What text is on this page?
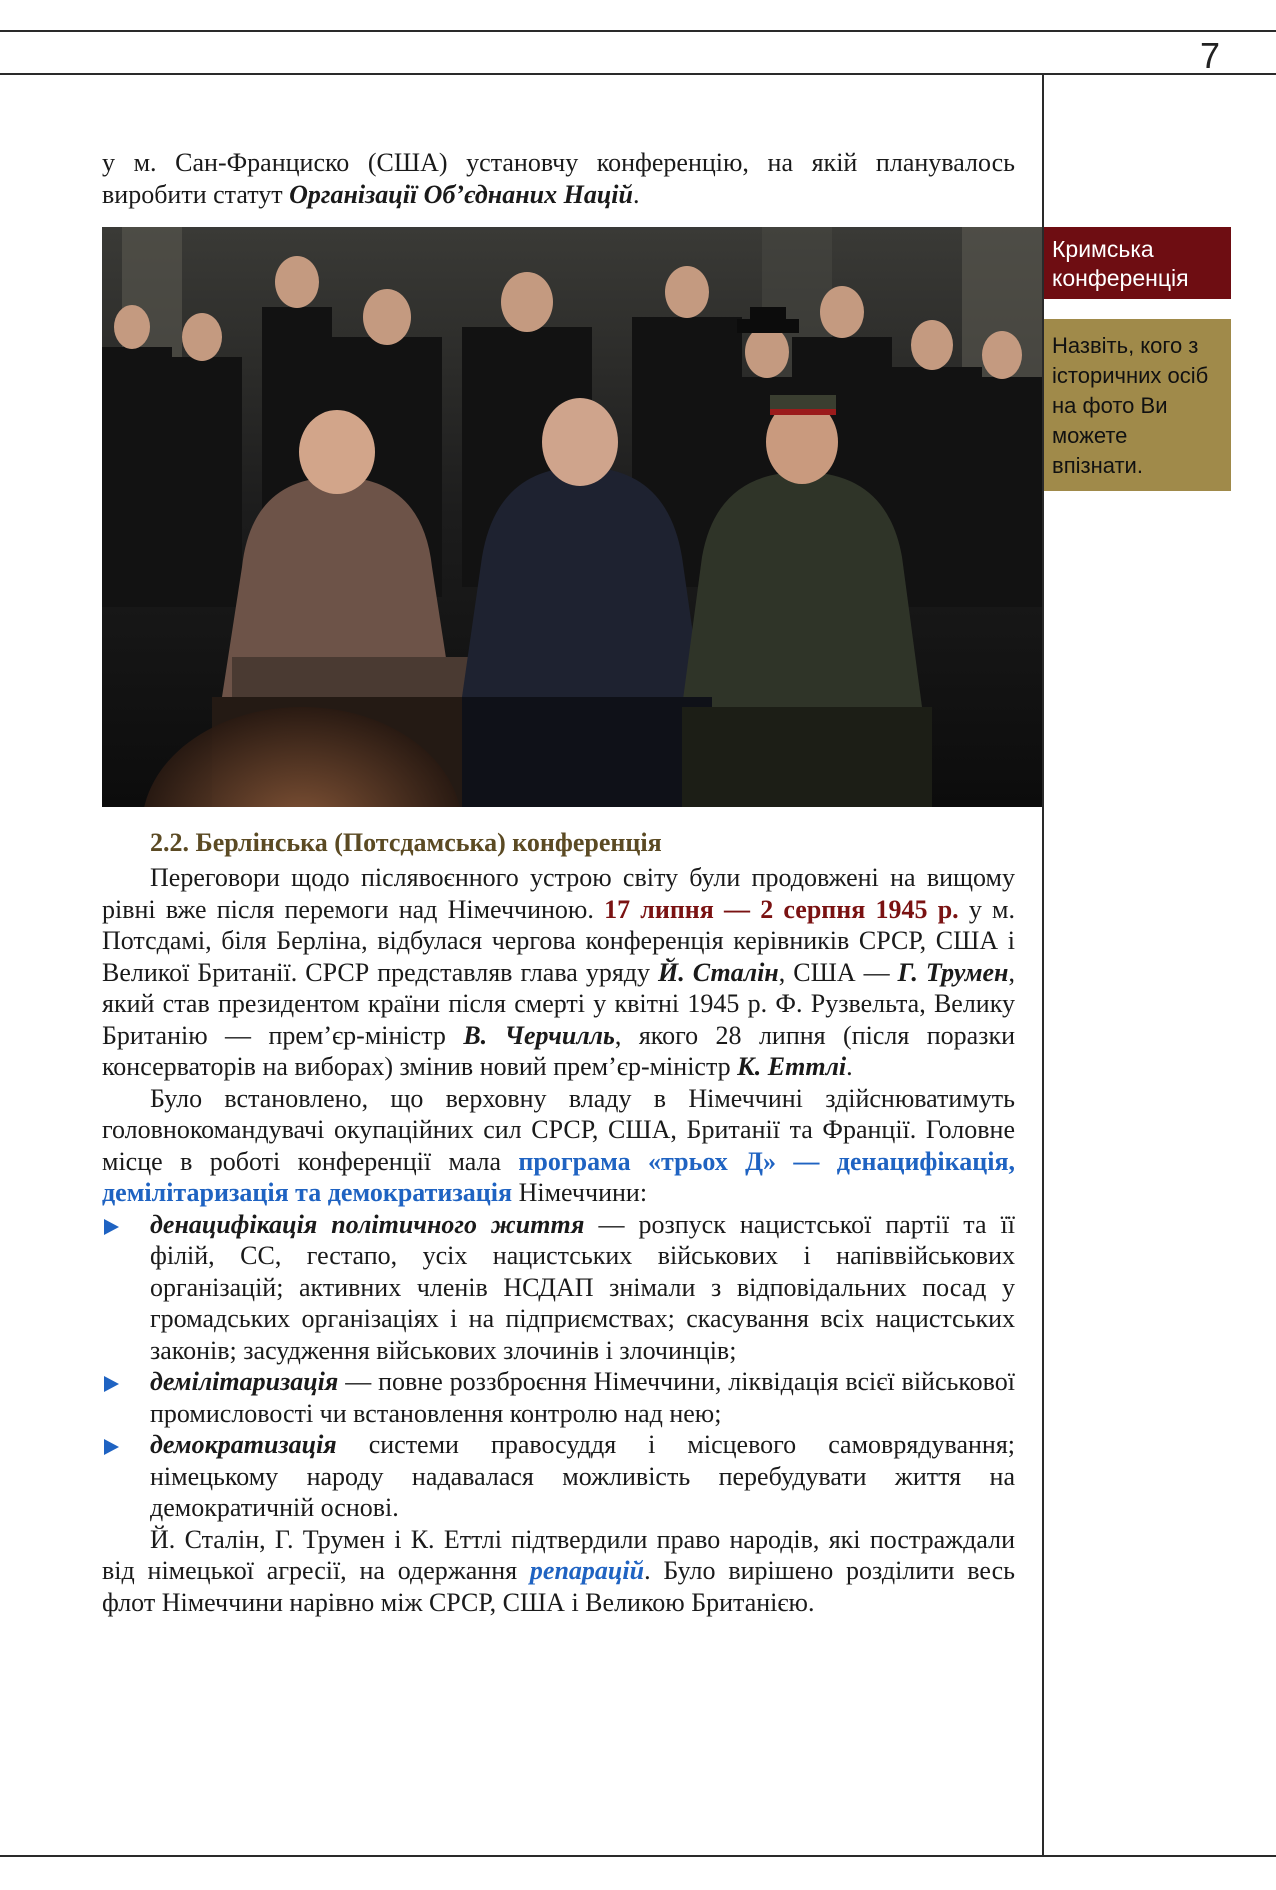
7

у м. Сан-Франциско (США) установчу конференцію, на якій планувалось виробити статут Організації Об’єднаних Націй.

Кримська конференція
Назвіть, кого з історичних осіб на фото Ви можете впізнати.
2.2. Берлінська (Потсдамська) конференція

Переговори щодо післявоєнного устрою світу були продовжені на вищому рівні вже після перемоги над Німеччиною. 17 липня — 2 серпня 1945 р. у м. Потсдамі, біля Берліна, відбулася чергова конференція керівників СРСР, США і Великої Британії. СРСР представляв глава уряду Й. Сталін, США — Г. Трумен, який став президентом країни після смерті у квітні 1945 р. Ф. Рузвельта, Велику Британію — прем’єр-міністр В. Черчилль, якого 28 липня (після поразки консерваторів на виборах) змінив новий прем’єр-міністр К. Еттлі.

Було встановлено, що верховну владу в Німеччині здійснюватимуть головнокомандувачі окупаційних сил СРСР, США, Британії та Франції. Головне місце в роботі конференції мала програма «трьох Д» — денацифікація, демілітаризація та демократизація Німеччини:

денацифікація політичного життя — розпуск нацистської партії та її філій, СС, гестапо, усіх нацистських військових і напіввійськових організацій; активних членів НСДАП знімали з відповідальних посад у громадських організаціях і на підприємствах; скасування всіх нацистських законів; засудження військових злочинів і злочинців;
демілітаризація — повне роззброєння Німеччини, ліквідація всієї військової промисловості чи встановлення контролю над нею;
демократизація системи правосуддя і місцевого самоврядування; німецькому народу надавалася можливість перебудувати життя на демократичній основі.

Й. Сталін, Г. Трумен і К. Еттлі підтвердили право народів, які постраждали від німецької агресії, на одержання репарацій. Було вирішено розділити весь флот Німеччини нарівно між СРСР, США і Великою Британією.
